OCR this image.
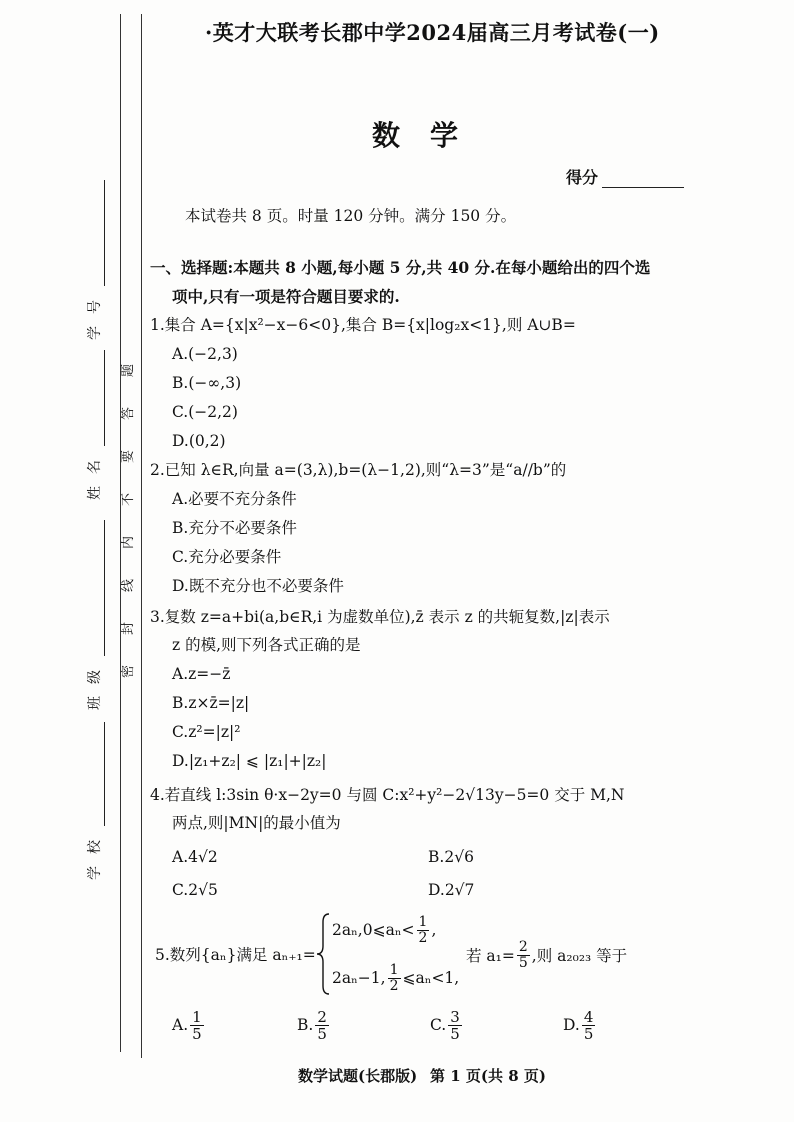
学号
姓名
班级
学校
密封线内不要答题
·英才大联考长郡中学2024届高三月考试卷(一)
数学
得分
本试卷共 8 页。时量 120 分钟。满分 150 分。
一、选择题:本题共 8 小题,每小题 5 分,共 40 分.在每小题给出的四个选
项中,只有一项是符合题目要求的.
1.集合 A={x|x²−x−6<0},集合 B={x|log₂x<1},则 A∪B=
A.(−2,3)
B.(−∞,3)
C.(−2,2)
D.(0,2)
2.已知 λ∈R,向量 a=(3,λ),b=(λ−1,2),则“λ=3”是“a//b”的
A.必要不充分条件
B.充分不必要条件
C.充分必要条件
D.既不充分也不必要条件
3.复数 z=a+bi(a,b∈R,i 为虚数单位),z̄ 表示 z 的共轭复数,|z|表示
z 的模,则下列各式正确的是
A.z=−z̄
B.z×z̄=|z|
C.z²=|z|²
D.|z₁+z₂| ⩽ |z₁|+|z₂|
4.若直线 l:3sin θ·x−2y=0 与圆 C:x²+y²−2√13y−5=0 交于 M,N
两点,则|MN|的最小值为
A.4√2	B.2√6
C.2√5	D.2√7
5.数列{aₙ}满足 aₙ₊₁=
2aₙ,0⩽aₙ< $\frac{1}{2}$ ,
2aₙ−1, $\frac{1}{2}$ ⩽aₙ<1,
若 $a_1= \frac{2}{5}$ ,则 a₂₀₂₃ 等于
A. $\frac{1}{5}$	B. $\frac{2}{5}$	C. $\frac{3}{5}$	D. $\frac{4}{5}$
数学试题(长郡版) 第 1 页(共 8 页)
